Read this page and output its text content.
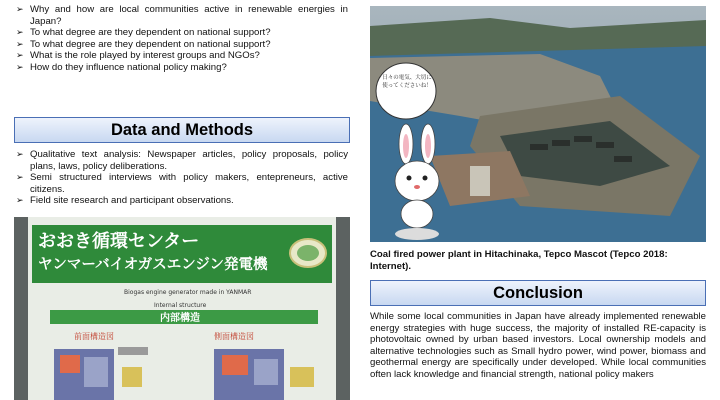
➢ Why and how are local communities active in renewable energies in Japan?
➢ To what degree are they dependent on national support?
➢ To what degree are they dependent on national support?
➢ What is the role played by interest groups and NGOs?
➢ How do they influence national policy making?
Data and Methods
➢ Qualitative text analysis: Newspaper articles, policy proposals, policy plans, laws, policy deliberations.
➢ Semi structured interviews with policy makers, entepreneurs, active citizens.
➢ Field site research and participant observations.
おおき循環センター
ヤンマーバイオガスエンジン発電機
Biogas engine generator made in YANMAR
Internal structure
内部構造
前面構造図	側面構造図
日々の電気、大切に使ってくださいね！
Coal fired power plant in Hitachinaka, Tepco Mascot (Tepco 2018: Internet).
Conclusion
While some local communities in Japan have already implemented renewable energy strategies with huge success, the majority of installed RE-capacity is photovoltaic owned by urban based investors. Local ownership models and alternative technologies such as Small hydro power, wind power, biomass and geothermal energy are specifically under developed. While local communities often lack knowledge and financial strength, national policy makers
